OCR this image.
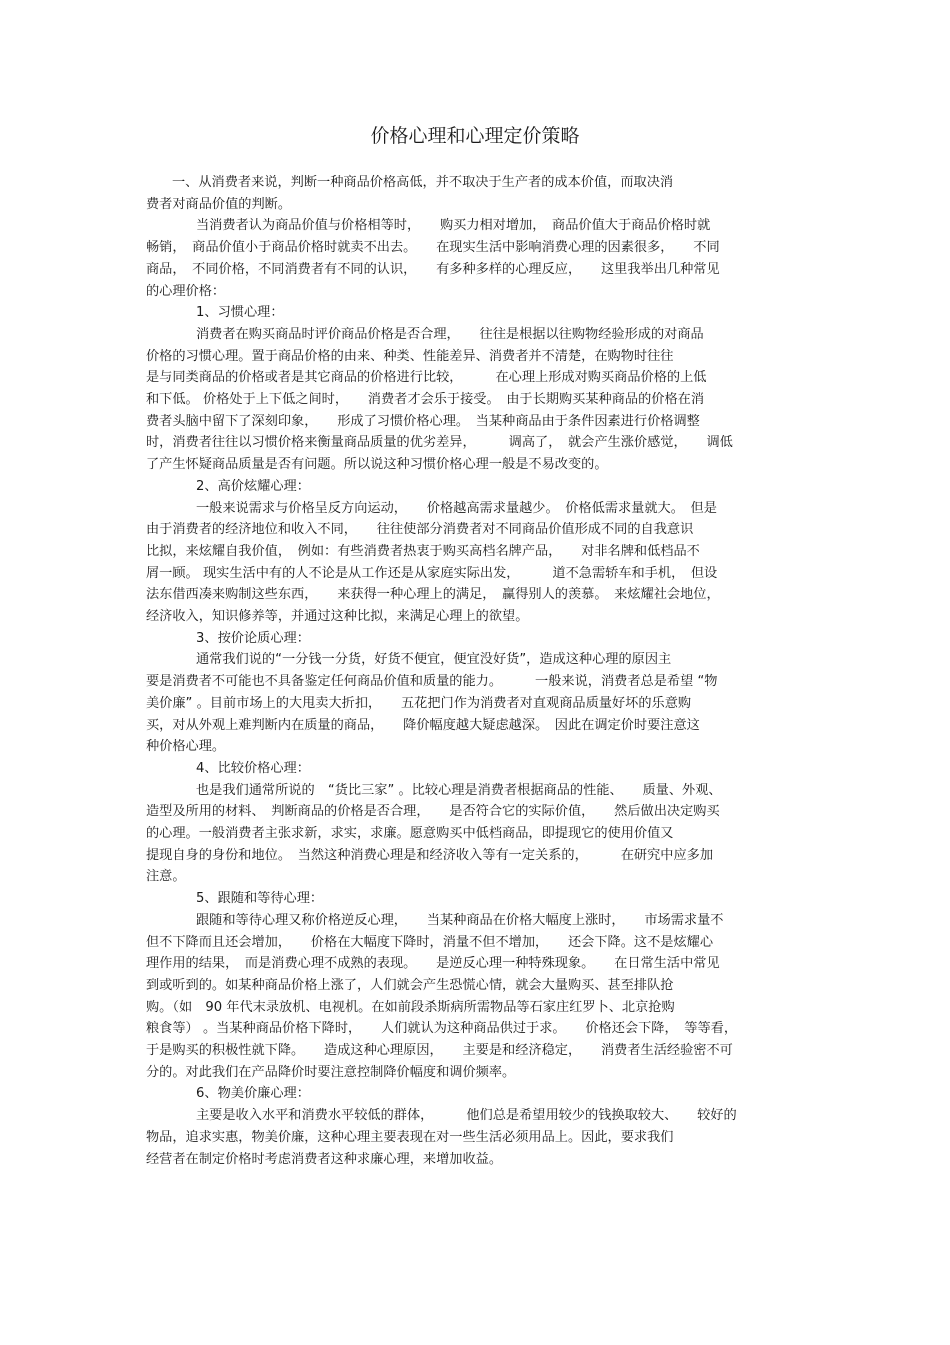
价格心理和心理定价策略
一、从消费者来说，判断一种商品价格高低，并不取决于生产者的成本价值，而取决消
费者对商品价值的判断。
当消费者认为商品价值与价格相等时，　　购买力相对增加，　商品价值大于商品价格时就
畅销，　商品价值小于商品价格时就卖不出去。　　在现实生活中影响消费心理的因素很多，　　不同
商品，　不同价格，不同消费者有不同的认识，　　有多种多样的心理反应，　　这里我举出几种常见
的心理价格：
1、习惯心理：
消费者在购买商品时评价商品价格是否合理，　　往往是根据以往购物经验形成的对商品
价格的习惯心理。置于商品价格的由来、种类、性能差异、消费者并不清楚，在购物时往往
是与同类商品的价格或者是其它商品的价格进行比较，　　　在心理上形成对购买商品价格的上低
和下低。 价格处于上下低之间时，　　消费者才会乐于接受。　由于长期购买某种商品的价格在消
费者头脑中留下了深刻印象，　　形成了习惯价格心理。　当某种商品由于条件因素进行价格调整
时，消费者往往以习惯价格来衡量商品质量的优劣差异，　　　调高了，　就会产生涨价感觉，　　调低
了产生怀疑商品质量是否有问题。所以说这种习惯价格心理一般是不易改变的。
2、高价炫耀心理：
一般来说需求与价格呈反方向运动，　　价格越高需求量越少。　价格低需求量就大。　但是
由于消费者的经济地位和收入不同，　　往往使部分消费者对不同商品价值形成不同的自我意识
比拟，来炫耀自我价值，　例如：有些消费者热衷于购买高档名牌产品，　　对非名牌和低档品不
屑一顾。 现实生活中有的人不论是从工作还是从家庭实际出发，　　　道不急需轿车和手机，　但设
法东借西凑来购制这些东西，　　来获得一种心理上的满足，　赢得别人的羡慕。　来炫耀社会地位，
经济收入，知识修养等，并通过这种比拟，来满足心理上的欲望。
3、按价论质心理：
通常我们说的“一分钱一分货，好货不便宜，便宜没好货”，造成这种心理的原因主
要是消费者不可能也不具备鉴定任何商品价值和质量的能力。　　　一般来说，消费者总是希望 “物
美价廉” 。目前市场上的大甩卖大折扣，　　五花把门作为消费者对直观商品质量好坏的乐意购
买，对从外观上难判断内在质量的商品，　　降价幅度越大疑虑越深。　因此在调定价时要注意这
种价格心理。
4、比较价格心理：
也是我们通常所说的　“货比三家” 。比较心理是消费者根据商品的性能、　　质量、外观、
造型及所用的材料、　判断商品的价格是否合理，　　是否符合它的实际价值，　　然后做出决定购买
的心理。一般消费者主张求新，求实，求廉。愿意购买中低档商品，即提现它的使用价值又
提现自身的身份和地位。　当然这种消费心理是和经济收入等有一定关系的，　　　在研究中应多加
注意。
5、跟随和等待心理：
跟随和等待心理又称价格逆反心理，　　当某种商品在价格大幅度上涨时，　　市场需求量不
但不下降而且还会增加，　　价格在大幅度下降时，消量不但不增加，　　还会下降。这不是炫耀心
理作用的结果，　而是消费心理不成熟的表现。　　是逆反心理一种特殊现象。　　在日常生活中常见
到或听到的。如某种商品价格上涨了，人们就会产生恐慌心情，就会大量购买、甚至排队抢
购。（如　90 年代末录放机、电视机。在如前段杀斯病所需物品等石家庄红罗卜、北京抢购
粮食等） 。当某种商品价格下降时，　　人们就认为这种商品供过于求。　　价格还会下降，　等等看，
于是购买的积极性就下降。　　造成这种心理原因，　　主要是和经济稳定，　　消费者生活经验密不可
分的。对此我们在产品降价时要注意控制降价幅度和调价频率。
6、物美价廉心理：
主要是收入水平和消费水平较低的群体，　　　他们总是希望用较少的钱换取较大、　　较好的
物品，追求实惠，物美价廉，这种心理主要表现在对一些生活必须用品上。因此，要求我们
经营者在制定价格时考虑消费者这种求廉心理，来增加收益。
